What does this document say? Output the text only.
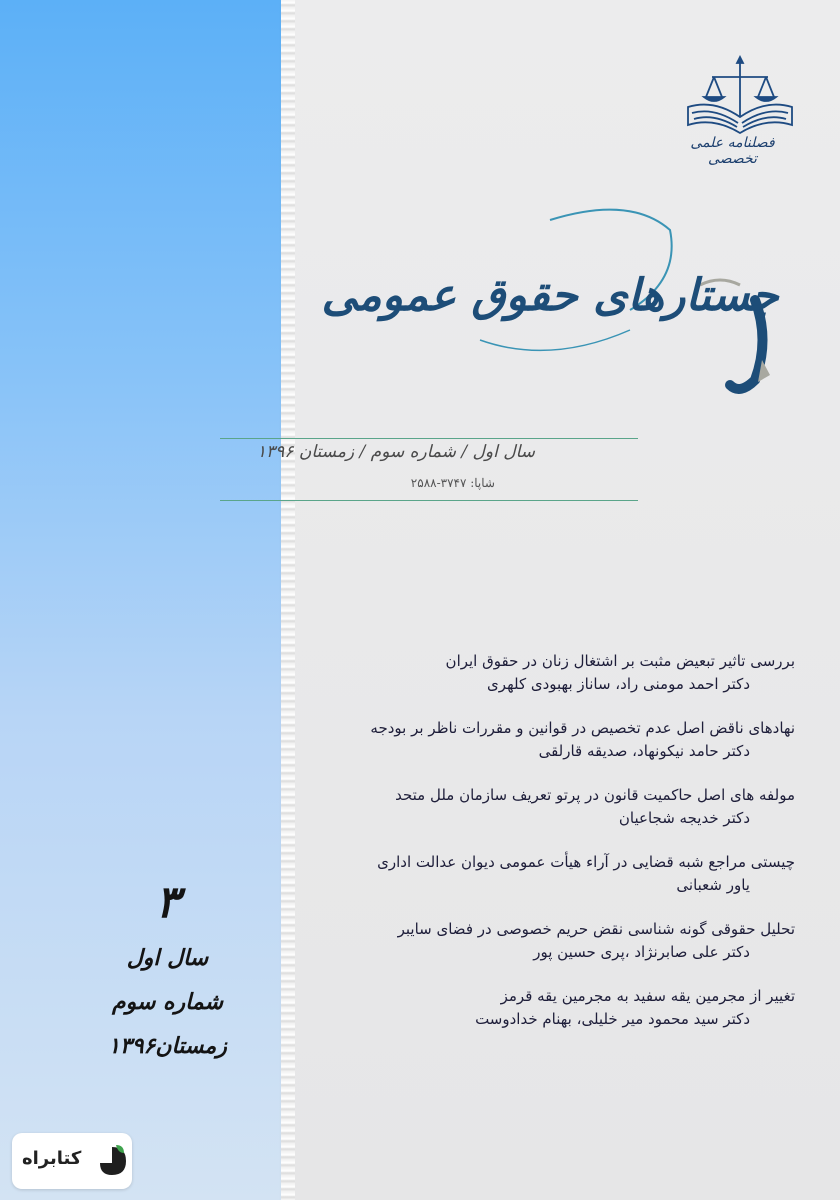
فصلنامه علمی تخصصی
جستارهای حقوق عمومی
سال اول / شماره سوم / زمستان ۱۳۹۶
شاپا: ۳۷۴۷-۲۵۸۸
بررسی تاثیر تبعیض مثبت بر اشتغال زنان در حقوق ایران
دکتر احمد مومنی راد، ساناز بهبودی کلهری
نهادهای ناقض اصل عدم تخصیص در قوانین و مقررات ناظر بر بودجه
دکتر حامد نیکونهاد، صدیقه قارلقی
مولفه های اصل حاکمیت قانون در پرتو تعریف سازمان ملل متحد
دکتر خدیجه شجاعیان
چیستی مراجع شبه قضایی در آراء هیأت عمومی دیوان عدالت اداری
یاور شعبانی
تحلیل حقوقی گونه شناسی نقض حریم خصوصی در فضای سایبر
دکتر علی صابرنژاد ،پری حسین پور
تغییر از مجرمین یقه سفید به مجرمین یقه قرمز
دکتر سید محمود میر خلیلی، بهنام خدادوست
۳
سال اول
شماره سوم
زمستان۱۳۹۶
کتابراه
